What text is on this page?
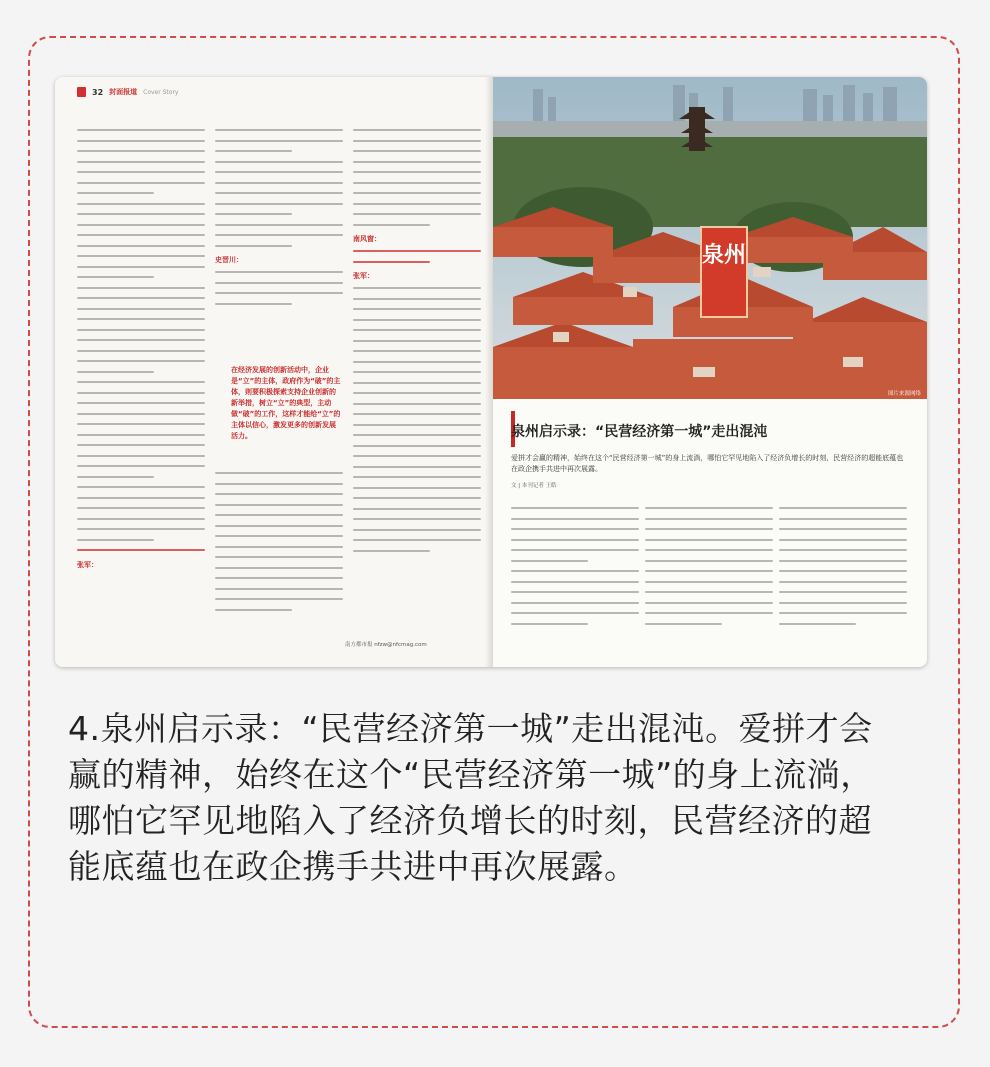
32 封面报道 Cover Story
张军：
史晋川：
在经济发展的创新活动中，企业是“立”的主体，政府作为“破”的主体，则要积极探索支持企业创新的新举措，树立“立”的典型，主动做“破”的工作，这样才能给“立”的主体以信心，激发更多的创新发展活力。
南风窗：
张军：
南方都市报 nfzw@nfcmag.com
泉州
图片来源网络
泉州启示录：“民营经济第一城”走出混沌
爱拼才会赢的精神，始终在这个“民营经济第一城”的身上流淌，哪怕它罕见地陷入了经济负增长的时刻，民营经济的超能底蕴也在政企携手共进中再次展露。
文 | 本刊记者 王皓
4.泉州启示录：“民营经济第一城”走出混沌。爱拼才会赢的精神，始终在这个“民营经济第一城”的身上流淌，哪怕它罕见地陷入了经济负增长的时刻，民营经济的超能底蕴也在政企携手共进中再次展露。
